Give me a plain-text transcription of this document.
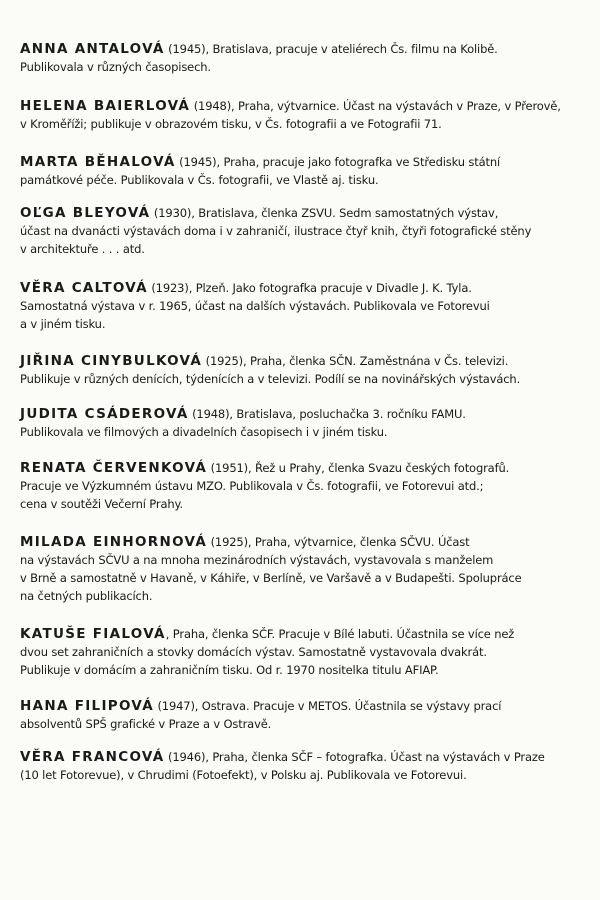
ANNA ANTALOVÁ (1945), Bratislava, pracuje v ateliérech Čs. filmu na Kolibě.
Publikovala v různých časopisech.
HELENA BAIERLOVÁ (1948), Praha, výtvarnice. Účast na výstavách v Praze, v Přerově,
v Kroměříži; publikuje v obrazovém tisku, v Čs. fotografii a ve Fotografii 71.
MARTA BĚHALOVÁ (1945), Praha, pracuje jako fotografka ve Středisku státní
památkové péče. Publikovala v Čs. fotografii, ve Vlastě aj. tisku.
OĽGA BLEYOVÁ (1930), Bratislava, členka ZSVU. Sedm samostatných výstav,
účast na dvanácti výstavách doma i v zahraničí, ilustrace čtyř knih, čtyři fotografické stěny
v architektuře . . . atd.
VĚRA CALTOVÁ (1923), Plzeň. Jako fotografka pracuje v Divadle J. K. Tyla.
Samostatná výstava v r. 1965, účast na dalších výstavách. Publikovala ve Fotorevui
a v jiném tisku.
JIŘINA CINYBULKOVÁ (1925), Praha, členka SČN. Zaměstnána v Čs. televizi.
Publikuje v různých denících, týdenících a v televizi. Podílí se na novinářských výstavách.
JUDITA CSÁDEROVÁ (1948), Bratislava, posluchačka 3. ročníku FAMU.
Publikovala ve filmových a divadelních časopisech i v jiném tisku.
RENATA ČERVENKOVÁ (1951), Řež u Prahy, členka Svazu českých fotografů.
Pracuje ve Výzkumném ústavu MZO. Publikovala v Čs. fotografii, ve Fotorevui atd.;
cena v soutěži Večerní Prahy.
MILADA EINHORNOVÁ (1925), Praha, výtvarnice, členka SČVU. Účast
na výstavách SČVU a na mnoha mezinárodních výstavách, vystavovala s manželem
v Brně a samostatně v Havaně, v Káhiře, v Berlíně, ve Varšavě a v Budapešti. Spolupráce
na četných publikacích.
KATUŠE FIALOVÁ, Praha, členka SČF. Pracuje v Bílé labuti. Účastnila se více než
dvou set zahraničních a stovky domácích výstav. Samostatně vystavovala dvakrát.
Publikuje v domácím a zahraničním tisku. Od r. 1970 nositelka titulu AFIAP.
HANA FILIPOVÁ (1947), Ostrava. Pracuje v METOS. Účastnila se výstavy prací
absolventů SPŠ grafické v Praze a v Ostravě.
VĚRA FRANCOVÁ (1946), Praha, členka SČF – fotografka. Účast na výstavách v Praze
(10 let Fotorevue), v Chrudimi (Fotoefekt), v Polsku aj. Publikovala ve Fotorevui.
